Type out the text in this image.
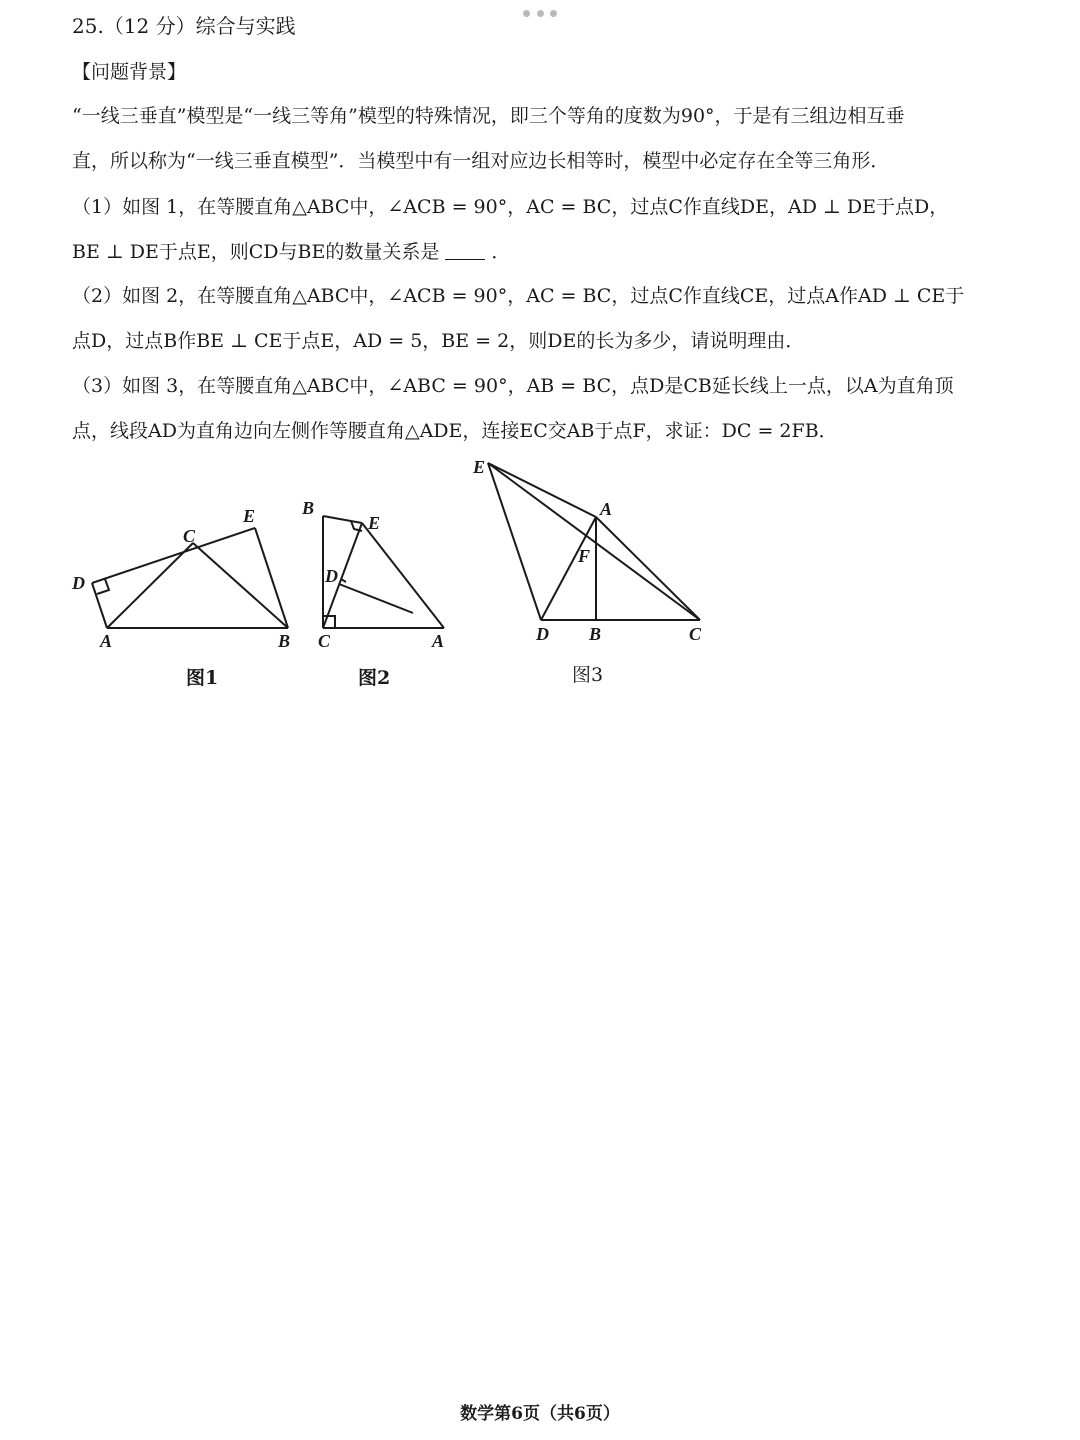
25.（12 分）综合与实践
【问题背景】
“一线三垂直”模型是“一线三等角”模型的特殊情况，即三个等角的度数为90°，于是有三组边相互垂
直，所以称为“一线三垂直模型”．当模型中有一组对应边长相等时，模型中必定存在全等三角形．
（1）如图 1，在等腰直角△ABC中，∠ACB = 90°，AC = BC，过点C作直线DE，AD ⊥ DE于点D，
BE ⊥ DE于点E，则CD与BE的数量关系是	．
（2）如图 2，在等腰直角△ABC中，∠ACB = 90°，AC = BC，过点C作直线CE，过点A作AD ⊥ CE于
点D，过点B作BE ⊥ CE于点E，AD = 5，BE = 2，则DE的长为多少，请说明理由．
（3）如图 3，在等腰直角△ABC中，∠ABC = 90°，AB = BC，点D是CB延长线上一点，以A为直角顶
点，线段AD为直角边向左侧作等腰直角△ADE，连接EC交AB于点F，求证：DC = 2FB．
D
A	B
C
E	B
E
D
C	A
E
A
F
D B	C
图1	图2	图3
数学第6页（共6页）
